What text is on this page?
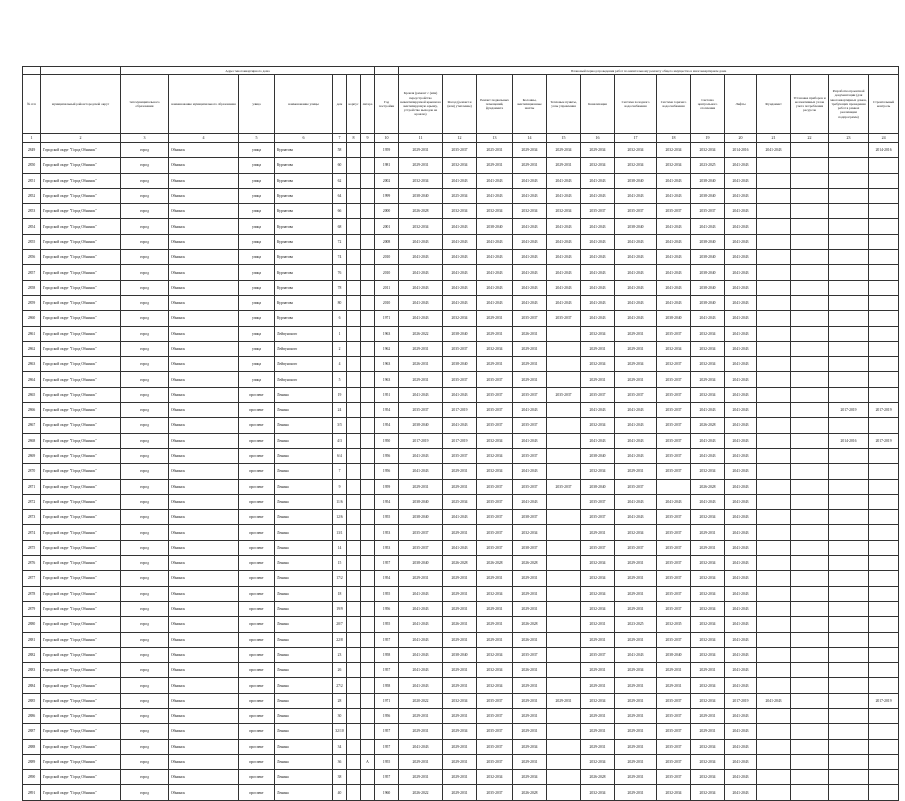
		Адрес многоквартирного дома								Плановый период проведения работ по капитальному ремонту общего имущества в многоквартирном доме													
№ п/п	муниципальный район/городской округ	тип муниципального образования	наименование муниципального образования	улица	наименование улицы	дом	корпус	литера	Год постройки	Кровля (ремонт с (или) переустройство невентилируемой крыши на вентилируемую крышу, устройство выходов на кровлю)	Фасад (ремонт и (или) утепление)	Ремонт подвальных помещений, фундамента	Колонны, вентиляционные шахты	Тепловые пункты, узлы управления	Канализация	Система холодного водоснабжения	Система горячего водоснабжения	Система центрального отопления	Лифты	Фундамент	Установка приборов и коллективных узлов учета потребления ресурсов	Разработка проектной документации (для многоквартирных домов, требующих проведения работ в рамках реализации подпрограмм)	Строительный контроль
1	2	3	4	5	6	7	8	9	10	11	12	13	14	15	16	17	18	19	20	21	22	23	24
2849	Городской округ "Город Обнинск"	город	Обнинск	улица	Курчатова	58			1959	2029-2031	2035-2037	2025-2031	2029-2034	2029-2034	2029-2034	2032-2034	2032-2034	2032-2034	2014-2016	2041-2043			2014-2016
2850	Городской округ "Город Обнинск"	город	Обнинск	улица	Курчатова	60			1981	2029-2031	2032-2034	2029-2031	2029-2031	2029-2031	2032-2034	2032-2034	2032-2034	2023-2025	2041-2043				
2851	Городской округ "Город Обнинск"	город	Обнинск	улица	Курчатова	62			2002	2032-2034	2041-2043	2041-2043	2041-2043	2041-2043	2041-2043	2038-2040	2041-2043	2038-2040	2041-2043				
2852	Городской округ "Город Обнинск"	город	Обнинск	улица	Курчатова	64			1999	2038-2040	2025-2034	2041-2043	2041-2043	2041-2043	2041-2043	2041-2043	2041-2043	2038-2040	2041-2043				
2853	Городской округ "Город Обнинск"	город	Обнинск	улица	Курчатова	66			2000	2026-2028	2032-2034	2032-2034	2032-2034	2032-2034	2035-2037	2035-2037	2035-2037	2035-2037	2041-2043				
2854	Городской округ "Город Обнинск"	город	Обнинск	улица	Курчатова	68			2001	2032-2034	2041-2043	2038-2040	2041-2043	2041-2043	2041-2043	2038-2040	2041-2043	2041-2043	2041-2043				
2855	Городской округ "Город Обнинск"	город	Обнинск	улица	Курчатова	72			2008	2041-2043	2041-2043	2041-2043	2041-2043	2041-2043	2041-2043	2041-2043	2041-2043	2038-2040	2041-2043				
2856	Городской округ "Город Обнинск"	город	Обнинск	улица	Курчатова	74			2010	2041-2043	2041-2043	2041-2043	2041-2043	2041-2043	2041-2043	2041-2043	2041-2043	2038-2040	2041-2043				
2857	Городской округ "Город Обнинск"	город	Обнинск	улица	Курчатова	76			2010	2041-2043	2041-2043	2041-2043	2041-2043	2041-2043	2041-2043	2041-2043	2041-2043	2038-2040	2041-2043				
2858	Городской округ "Город Обнинск"	город	Обнинск	улица	Курчатова	78			2011	2041-2043	2041-2043	2041-2043	2041-2043	2041-2043	2041-2043	2041-2043	2041-2043	2038-2040	2041-2043				
2859	Городской округ "Город Обнинск"	город	Обнинск	улица	Курчатова	80			2010	2041-2043	2041-2043	2041-2043	2041-2043	2041-2043	2041-2043	2041-2043	2041-2043	2038-2040	2041-2043				
2860	Городской округ "Город Обнинск"	город	Обнинск	улица	Курчатова	6			1971	2041-2043	2032-2034	2029-2031	2035-2037	2035-2037	2041-2043	2041-2043	2038-2040	2041-2043	2041-2043				
2861	Городской округ "Город Обнинск"	город	Обнинск	улица	Лейпунского	1			1963	2026-2022	2038-2040	2029-2031	2026-2031		2032-2034	2029-2031	2035-2037	2032-2034	2041-2043				
2862	Городской округ "Город Обнинск"	город	Обнинск	улица	Лейпунского	2			1962	2029-2031	2035-2037	2032-2034	2029-2031		2029-2031	2029-2031	2032-2034	2032-2034	2041-2043				
2863	Городской округ "Город Обнинск"	город	Обнинск	улица	Лейпунского	4			1963	2026-2031	2038-2040	2029-2031	2029-2031		2032-2034	2029-2034	2032-2037	2032-2034	2041-2043				
2864	Городской округ "Город Обнинск"	город	Обнинск	улица	Лейпунского	5			1963	2029-2031	2035-2037	2035-2037	2029-2031		2029-2031	2029-2031	2035-2037	2029-2034	2041-2043				
2865	Городской округ "Город Обнинск"	город	Обнинск	проспект	Ленина	19			1951	2041-2043	2041-2043	2035-2037	2035-2037	2035-2037	2035-2037	2035-2037	2035-2037	2032-2034	2041-2043				
2866	Городской округ "Город Обнинск"	город	Обнинск	проспект	Ленина	24			1954	2035-2037	2017-2019	2035-2037	2041-2043		2041-2043	2041-2043	2035-2037	2041-2043	2041-2043			2017-2019	2017-2019
2867	Городской округ "Город Обнинск"	город	Обнинск	проспект	Ленина	3/5			1954	2038-2040	2041-2043	2035-2037	2035-2037		2032-2034	2041-2043	2035-2037	2026-2028	2041-2043				
2868	Городской округ "Город Обнинск"	город	Обнинск	проспект	Ленина	4/3			1950	2017-2019	2017-2019	2032-2034	2041-2043		2041-2043	2041-2043	2035-2037	2041-2043	2041-2043			2014-2016	2017-2019
2869	Городской округ "Город Обнинск"	город	Обнинск	проспект	Ленина	6/4			1956	2041-2043	2035-2037	2032-2034	2035-2037		2038-2040	2041-2043	2035-2037	2041-2043	2041-2043				
2870	Городской округ "Город Обнинск"	город	Обнинск	проспект	Ленина	7			1956	2041-2043	2029-2031	2032-2034	2041-2043		2032-2034	2029-2031	2035-2037	2032-2034	2041-2043				
2871	Городской округ "Город Обнинск"	город	Обнинск	проспект	Ленина	9			1959	2029-2031	2029-2031	2035-2037	2035-2037	2035-2037	2038-2040	2035-2037		2026-2028	2041-2043				
2872	Городской округ "Город Обнинск"	город	Обнинск	проспект	Ленина	11/6			1954	2038-2040	2025-2034	2035-2037	2041-2043		2035-2037	2041-2043	2041-2043	2041-2043	2041-2043				
2873	Городской округ "Город Обнинск"	город	Обнинск	проспект	Ленина	12/6			1955	2038-2040	2041-2043	2035-2037	2038-2037		2035-2037	2041-2043	2035-2037	2032-2034	2041-2043				
2874	Городской округ "Город Обнинск"	город	Обнинск	проспект	Ленина	13/1			1953	2035-2037	2029-2031	2035-2037	2032-2034		2029-2031	2032-2034	2035-2037	2029-2031	2041-2043				
2875	Городской округ "Город Обнинск"	город	Обнинск	проспект	Ленина	14			1953	2035-2037	2041-2043	2035-2037	2038-2037		2035-2037	2035-2037	2035-2037	2029-2031	2041-2043				
2876	Городской округ "Город Обнинск"	город	Обнинск	проспект	Ленина	15			1957	2038-2040	2026-2028	2026-2028	2026-2028		2032-2034	2029-2031	2035-2037	2032-2034	2041-2043				
2877	Городской округ "Город Обнинск"	город	Обнинск	проспект	Ленина	17/2			1954	2029-2031	2029-2031	2029-2031	2029-2031		2032-2034	2029-2031	2035-2037	2032-2034	2041-2043				
2878	Городской округ "Город Обнинск"	город	Обнинск	проспект	Ленина	18			1955	2041-2043	2029-2031	2032-2034	2029-2031		2032-2034	2029-2031	2035-2037	2032-2034	2041-2043				
2879	Городской округ "Город Обнинск"	город	Обнинск	проспект	Ленина	19/9			1956	2041-2043	2029-2031	2029-2031	2029-2031		2032-2034	2029-2031	2035-2037	2032-2034	2041-2043				
2880	Городской округ "Город Обнинск"	город	Обнинск	проспект	Ленина	20/7			1955	2041-2043	2026-2031	2029-2031	2026-2028		2032-2031	2023-2025	2032-2035	2032-2034	2041-2043				
2881	Городской округ "Город Обнинск"	город	Обнинск	проспект	Ленина	22/8			1957	2041-2043	2029-2031	2029-2031	2026-2031		2029-2031	2029-2031	2035-2037	2032-2034	2041-2043				
2882	Городской округ "Город Обнинск"	город	Обнинск	проспект	Ленина	23			1958	2041-2043	2038-2040	2032-2034	2035-2037		2035-2037	2041-2043	2038-2040	2032-2034	2041-2043				
2883	Городской округ "Город Обнинск"	город	Обнинск	проспект	Ленина	26			1957	2041-2043	2029-2031	2032-2034	2026-2031		2029-2031	2029-2034	2029-2031	2029-2031	2041-2043				
2884	Городской округ "Город Обнинск"	город	Обнинск	проспект	Ленина	27/2			1958	2041-2043	2029-2031	2032-2034	2029-2031		2029-2031	2029-2031	2029-2031	2032-2034	2041-2043				
2885	Городской округ "Город Обнинск"	город	Обнинск	проспект	Ленина	28			1971	2020-2022	2032-2034	2035-2037	2029-2031	2029-2031	2032-2034	2029-2031	2035-2037	2032-2034	2017-2019	2041-2043			2017-2019
2886	Городской округ "Город Обнинск"	город	Обнинск	проспект	Ленина	30			1956	2029-2031	2029-2031	2035-2037	2029-2031		2029-2031	2029-2031	2035-2037	2029-2031	2041-2043				
2887	Городской округ "Город Обнинск"	город	Обнинск	проспект	Ленина	32/10			1957	2029-2031	2029-2034	2035-2037	2029-2031		2029-2031	2029-2031	2035-2037	2029-2031	2041-2043				
2888	Городской округ "Город Обнинск"	город	Обнинск	проспект	Ленина	34			1957	2041-2043	2029-2031	2035-2037	2029-2034		2029-2031	2029-2031	2035-2037	2032-2034	2041-2043				
2889	Городской округ "Город Обнинск"	город	Обнинск	проспект	Ленина	36		А	1955	2029-2031	2029-2031	2035-2037	2029-2031		2032-2034	2029-2031	2035-2037	2032-2034	2041-2043				
2890	Городской округ "Город Обнинск"	город	Обнинск	проспект	Ленина	38			1957	2029-2031	2029-2031	2032-2034	2029-2034		2026-2028	2029-2031	2035-2037	2032-2034	2041-2043				
2891	Городской округ "Город Обнинск"	город	Обнинск	проспект	Ленина	40			1960	2026-2022	2029-2031	2035-2037	2026-2028		2032-2034	2029-2031	2032-2034	2032-2034	2041-2043				
